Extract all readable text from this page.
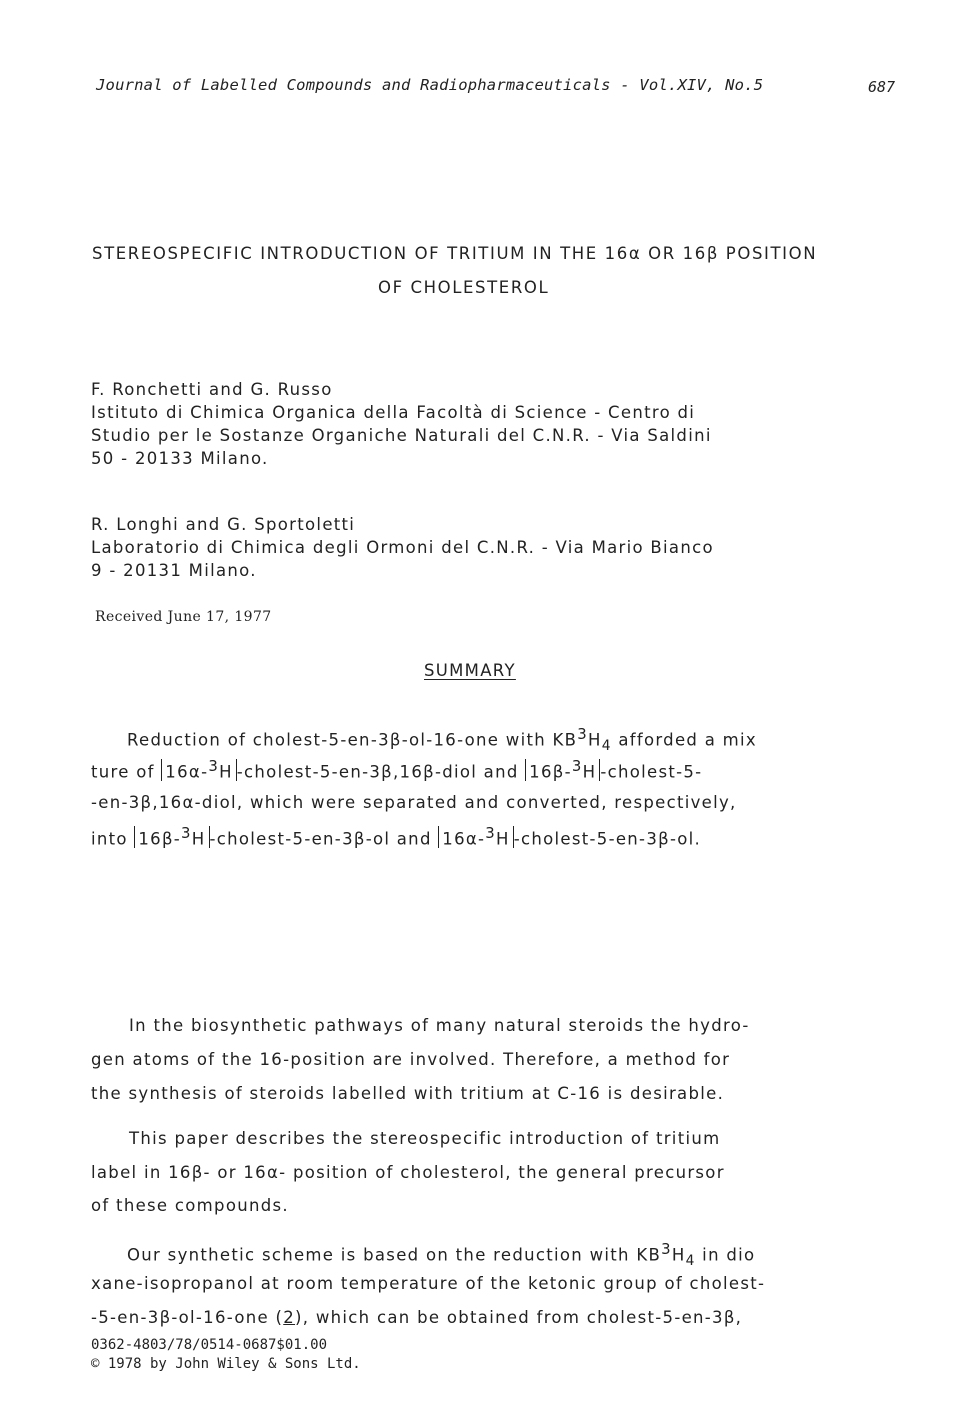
Journal of Labelled Compounds and Radiopharmaceuticals - Vol.XIV, No.5	687

STEREOSPECIFIC INTRODUCTION OF TRITIUM IN THE 16α OR 16β POSITION

OF CHOLESTEROL

F. Ronchetti and G. Russo

Istituto di Chimica Organica della Facoltà di Science - Centro di

Studio per le Sostanze Organiche Naturali del C.N.R. - Via Saldini

50 - 20133 Milano.

R. Longhi and G. Sportoletti

Laboratorio di Chimica degli Ormoni del C.N.R. - Via Mario Bianco

9 - 20131 Milano.

Received June 17, 1977

SUMMARY

Reduction of cholest-5-en-3β-ol-16-one with $KB^3H_4$ afforded a mix

ture of 16α-$^3$H -cholest-5-en-3β,16β-diol and 16β-$^3$H -cholest-5-

-en-3β,16α-diol, which were separated and converted, respectively,

into 16β-$^3$H -cholest-5-en-3β-ol and 16α-$^3$H -cholest-5-en-3β-ol.

In the biosynthetic pathways of many natural steroids the hydro-

gen atoms of the 16-position are involved. Therefore, a method for

the synthesis of steroids labelled with tritium at C-16 is desirable.

This paper describes the stereospecific introduction of tritium

label in 16β- or 16α- position of cholesterol, the general precursor

of these compounds.

Our synthetic scheme is based on the reduction with $KB^3H_4$ in dio

xane-isopropanol at room temperature of the ketonic group of cholest-

-5-en-3β-ol-16-one (2), which can be obtained from cholest-5-en-3β,

0362-4803/78/0514-0687$01.00

© 1978 by John Wiley & Sons Ltd.
